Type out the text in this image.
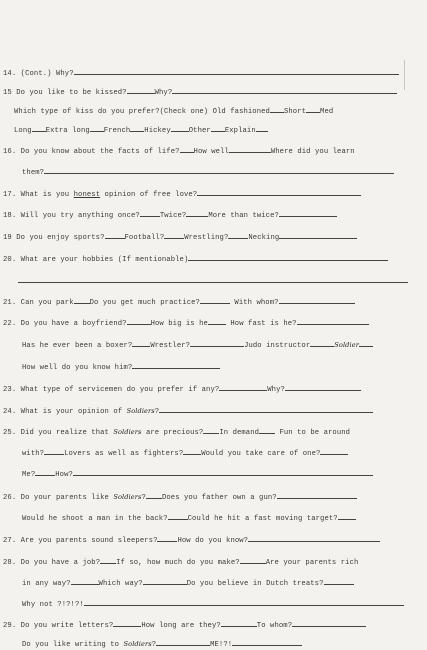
14. (Cont.) Why?
15 Do you like to be kissed?	Why?
Which type of kiss do you prefer?(Check one) Old fashioned Short Med
Long Extra long French Hickey	Other Explain
16. Do you know about the facts of life? How well	Where did you learn
them?
17. What is you honest opinion of free love?
18. Will you try anything once?	Twice?	More than twice?
19 Do you enjoy sports?	Football?	Wrestling?	Necking
20. What are your hobbies (If mentionable)
21. Can you park Do you get much practice?	With whom?
22. Do you have a boyfriend?	How big is he	How fast is he?
Has he ever been a boxer?	Wrestler?	Judo instructor	Soldier
How well do you know him?
23. What type of servicemen do you prefer if any?	Why?
24. What is your opinion of Soldiers?
25. Did you realize that Soldiers are precious? In demand	Fun to be around
with?	Lovers as well as fighters?	Would you take care of one?
Me?	How?
26. Do your parents like Soldiers? Does you father own a gun?
Would he shoot a man in the back?	Could he hit a fast moving target?
27. Are you parents sound sleepers?	How do you know?
28. Do you have a job? If so, how much do you make?	Are your parents rich
in any way?	Which way?	Do you believe in Dutch treats?
Why not ?!?!?!
29. Do you write letters?	How long are they?	To whom?
Do you like writing to Soldiers?	ME!?!
